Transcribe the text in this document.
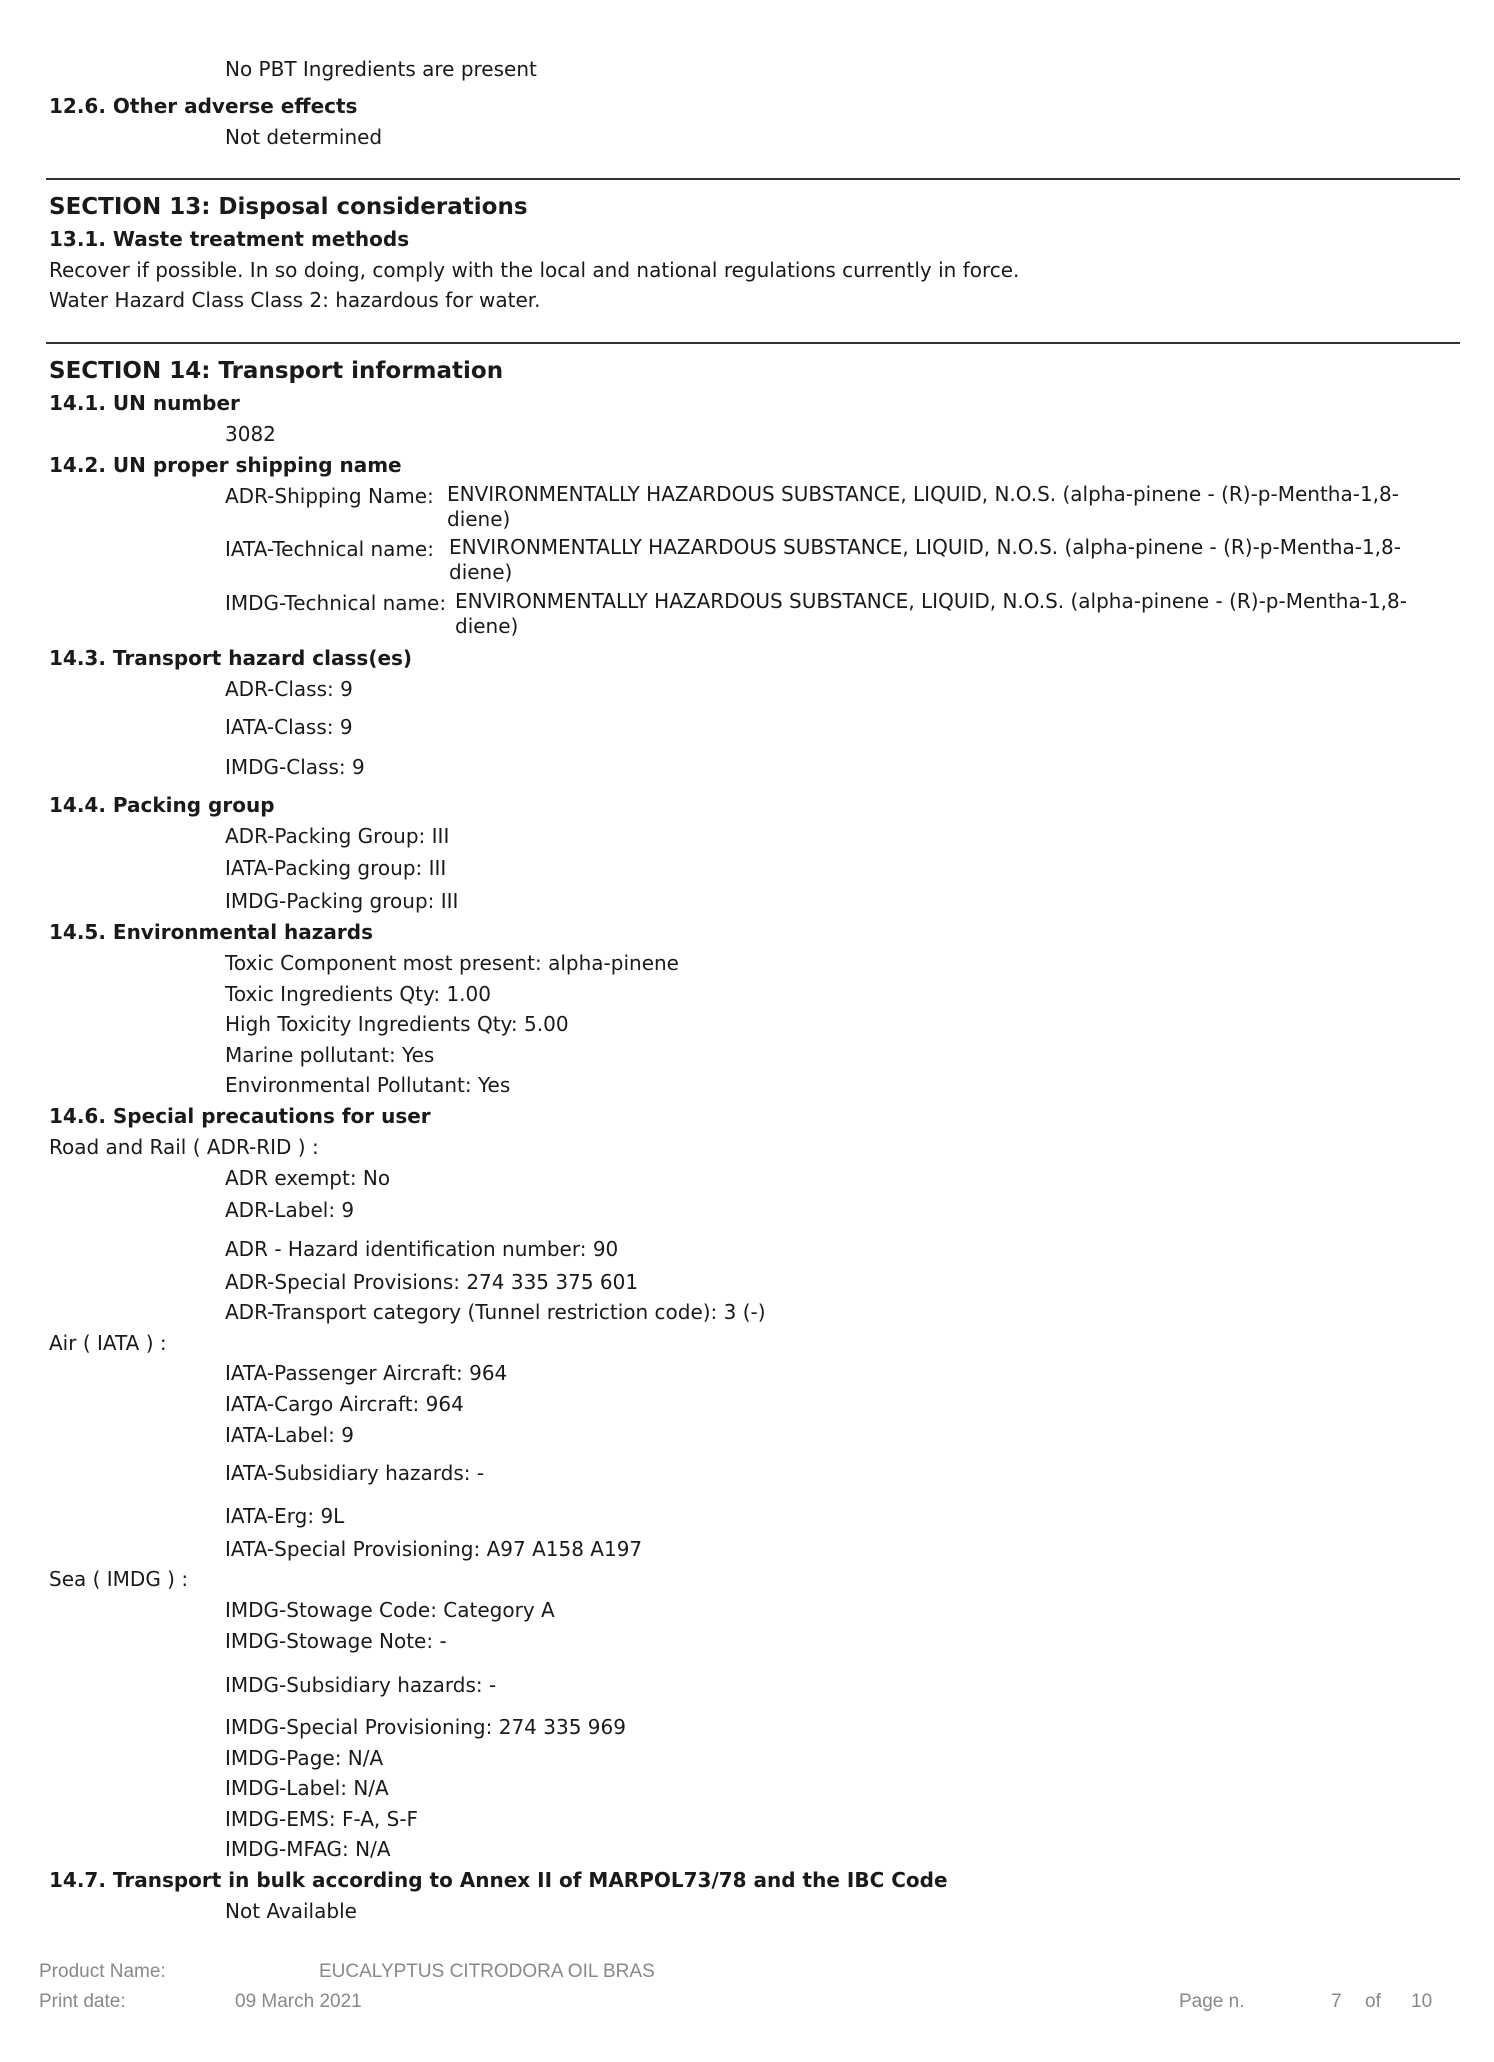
No PBT Ingredients are present
12.6. Other adverse effects
Not determined
SECTION 13: Disposal considerations
13.1. Waste treatment methods
Recover if possible. In so doing, comply with the local and national regulations currently in force.
Water Hazard Class Class 2: hazardous for water.
SECTION 14: Transport information
14.1. UN number
3082
14.2. UN proper shipping name
ADR-Shipping Name: ENVIRONMENTALLY HAZARDOUS SUBSTANCE, LIQUID, N.O.S. (alpha-pinene - (R)-p-Mentha-1,8-
diene)
IATA-Technical name: ENVIRONMENTALLY HAZARDOUS SUBSTANCE, LIQUID, N.O.S. (alpha-pinene - (R)-p-Mentha-1,8-
diene)
IMDG-Technical name: ENVIRONMENTALLY HAZARDOUS SUBSTANCE, LIQUID, N.O.S. (alpha-pinene - (R)-p-Mentha-1,8-
diene)
14.3. Transport hazard class(es)
ADR-Class: 9
IATA-Class: 9
IMDG-Class: 9
14.4. Packing group
ADR-Packing Group: III
IATA-Packing group: III
IMDG-Packing group: III
14.5. Environmental hazards
Toxic Component most present: alpha-pinene
Toxic Ingredients Qty: 1.00
High Toxicity Ingredients Qty: 5.00
Marine pollutant: Yes
Environmental Pollutant: Yes
14.6. Special precautions for user
Road and Rail ( ADR-RID ) :
ADR exempt: No
ADR-Label: 9
ADR - Hazard identification number: 90
ADR-Special Provisions: 274 335 375 601
ADR-Transport category (Tunnel restriction code): 3 (-)
Air ( IATA ) :
IATA-Passenger Aircraft: 964
IATA-Cargo Aircraft: 964
IATA-Label: 9
IATA-Subsidiary hazards: -
IATA-Erg: 9L
IATA-Special Provisioning: A97 A158 A197
Sea ( IMDG ) :
IMDG-Stowage Code: Category A
IMDG-Stowage Note: -
IMDG-Subsidiary hazards: -
IMDG-Special Provisioning: 274 335 969
IMDG-Page: N/A
IMDG-Label: N/A
IMDG-EMS: F-A, S-F
IMDG-MFAG: N/A
14.7. Transport in bulk according to Annex II of MARPOL73/78 and the IBC Code
Not Available
Product Name:	EUCALYPTUS CITRODORA OIL BRAS
Print date:	09 March 2021	Page n.	7 of 10
